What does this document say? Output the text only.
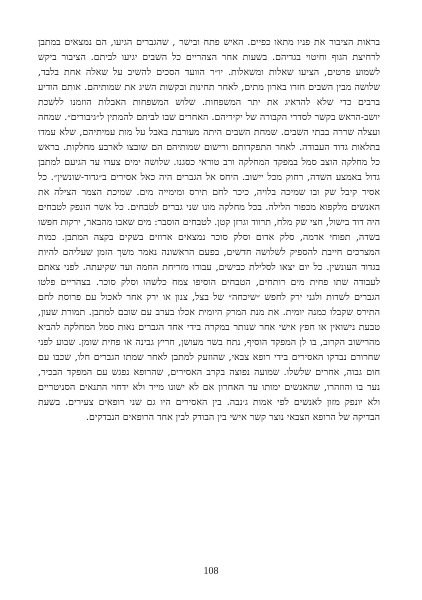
בראות הציבור את פניו מתאו כפיים. האיש פתח ובישר , שהגברים הגיעו, הם נמצאים במתבן לרחיצת הגוף וחיטוי בגדיהם. בשעות אחר הצהריים כל השבים יגיעו לביתם. הציבור ביקש לשמוע פרטים, הציעו שאלות ומשאלות. יו״ר הוועד הסכים להשיב על שאלה אחת בלבד, שלושה מבין השבים חזרו בארון מתים, לאחר תחינות ובקשות השיג את שמותיהם. אותם הודיע ברבים כדי שלא להדאיג את יתר המשפחות. שלוש המשפחות האבלות הוזמנו ללשכת יושב-הראש בקשר לסדרי הקבורה של יקיריהם. האחרים שבו לביתם להמתין ל״גיבורים״. שמחה ועצלה שררה בבתי השבים. שמחת השבים היתה מעורבת באבל על מות עמיתיהם, שלא עמדו בתלאות גדוד העבודה. לאחר התפקדותם ורישום שמותיהם הם שובצו לארבע מחלקות. בראש כל מחלקה הוצב סמל במפקד המחלקה ורב טוראי כסגנו. שלושה ימים צעדו עד הגיעם למתבן גדול באמצע השדה, רחוק מכל יישוב. היחס אל הגברים היה כאל אסירים ב״גדוד-שונשין״. כל אסיר קיבל שק ובו שמיכה בלויה, כיכר לחם תירס ומימייה מים. שמיכת הצמר הצילה את האנשים מלקפוא מכפור הלילה. בכל מחלקה מונו שני גברים לטבחים. כל אשר הונפק לטבחים היה דוד בישול, חצי שק מלח, תרווד וגרזן קטן. לטבחים הוסבר: מים שאבו מהבאר, ירקות חפשו בשדה, תפוחי אדמה, סלק אדום וסלק סוכר נמצאים ארוזים בשקים בקצה המתבן. כמות המצרכים חייבת להספיק לשלושה חדשים, בפעם הראשונה נאמר משך הזמן שעליהם להיות בגדוד העונשין. כל יום יצאו לסלילת כבישים, עבודו מזריחת החמה ועד שקיעתה. לפני צאתם לעבודה שתו פחית מים רותחים, הטבחים הוסיפו צמח כלשהו וסלק סוכר. בצהריים פלטו הגברים לשדות ולגני ירק לחפש ״שיכחה״ של בצל, צנון או ירק אחר לאכול עם פרוסת לחם התירס שקבלו כמנה יומית. את מנת המרק היומית אכלו בערב עם שובם למתבן. תמורת שעון, טבעת נישואין או חפץ אישי אחר שנותר במקרה בידי אחד הגברים נאות סמל המחלקה להביא מהרישוב הקרוב, בו לן המפקד הוסיף, נתח בשר מעושן, חריץ גבינה או פחית שומן. שבוע לפני שחרורם נבדקו האסירים בידי רופא צבאי, שהוזעק למתבן לאחר שמתו הגברים חלו, שכבו עם חום גבוה, אחרים שלשלו. שמועה נפוצה בקרב האסירים, שהרופא נפגש עם המפקד הבכיר, נער בו והוזהרו, שהאנשים ימותו עד האחרון אם לא ישונו מייד ולא ידחוי התנאים הסניטריים ולא יונפק מזון לאנשים לפי אמות ג׳נבה. בין האסירים היו גם שני רופאים צעירים. בשעת הבדיקה של הרופא הצבאי נוצר קשר אישי בין הבודק לבין אחד הרופאים הנבדקים.

108
